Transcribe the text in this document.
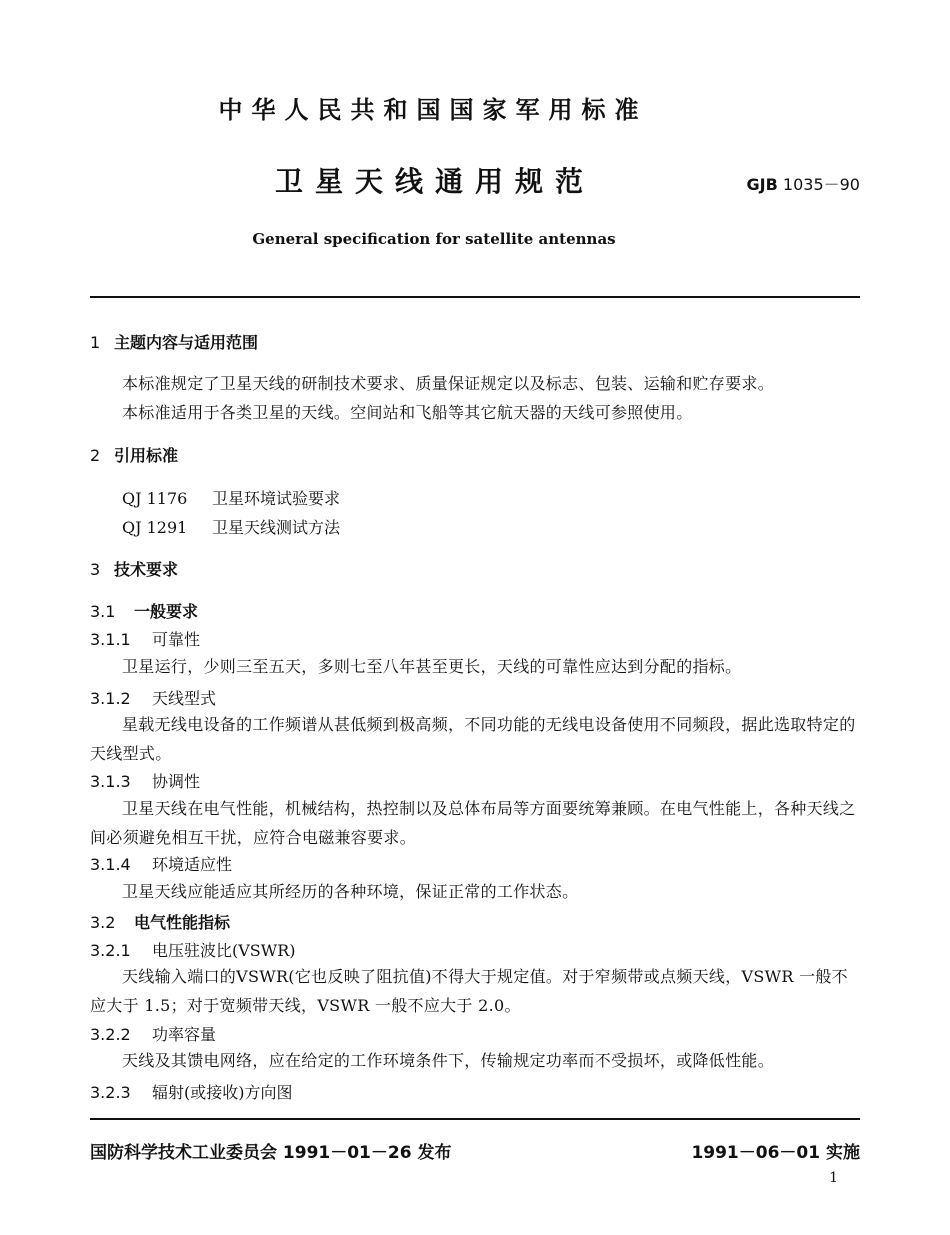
中华人民共和国国家军用标准
卫星天线通用规范	GJB 1035－90
General specification for satellite antennas
1 主题内容与适用范围
本标准规定了卫星天线的研制技术要求、质量保证规定以及标志、包装、运输和贮存要求。
本标准适用于各类卫星的天线。空间站和飞船等其它航天器的天线可参照使用。
2 引用标准
QJ 1176 卫星环境试验要求
QJ 1291 卫星天线测试方法
3 技术要求
3.1 一般要求
3.1.1 可靠性
卫星运行，少则三至五天，多则七至八年甚至更长，天线的可靠性应达到分配的指标。
3.1.2 天线型式
星载无线电设备的工作频谱从甚低频到极高频，不同功能的无线电设备使用不同频段，据此选取特定的天线型式。
3.1.3 协调性
卫星天线在电气性能，机械结构，热控制以及总体布局等方面要统筹兼顾。在电气性能上，各种天线之间必须避免相互干扰，应符合电磁兼容要求。
3.1.4 环境适应性
卫星天线应能适应其所经历的各种环境，保证正常的工作状态。
3.2 电气性能指标
3.2.1 电压驻波比(VSWR)
天线输入端口的VSWR(它也反映了阻抗值)不得大于规定值。对于窄频带或点频天线，VSWR 一般不应大于 1.5；对于宽频带天线，VSWR 一般不应大于 2.0。
3.2.2 功率容量
天线及其馈电网络，应在给定的工作环境条件下，传输规定功率而不受损坏，或降低性能。
3.2.3 辐射(或接收)方向图
国防科学技术工业委员会 1991－01－26 发布	1991－06－01 实施
1
